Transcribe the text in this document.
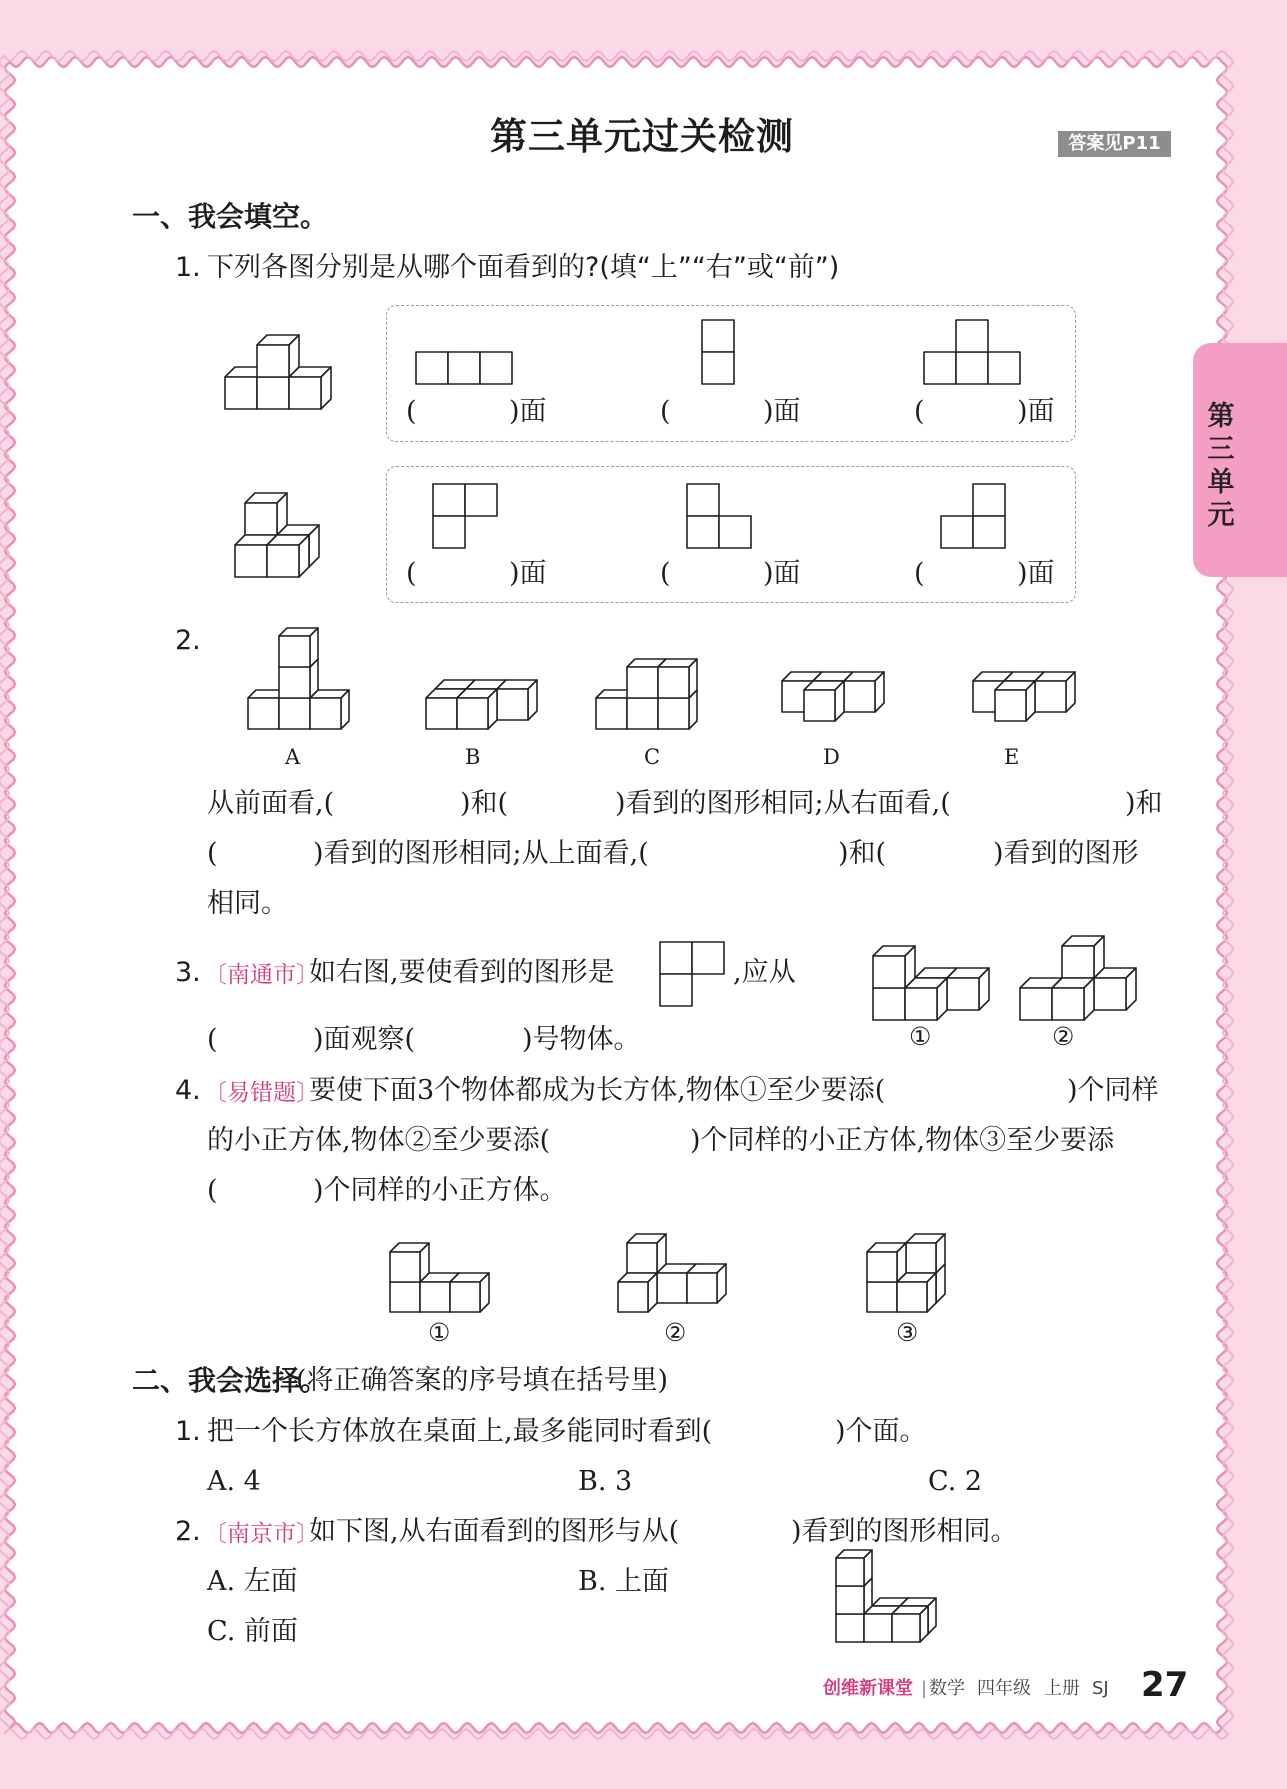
第三单元过关检测	答案见P11
第三单元
一、我会填空。
1. 下列各图分别是从哪个面看到的?(填“上”“右”或“前”)
(	)面	(	)面	(	)面
(	)面	(	)面	(	)面
2.
A	B	C	D	E
从前面看,(	)和(	)看到的图形相同;从右面看,(	)和
(	)看到的图形相同;从上面看,(	)和(	)看到的图形
相同。
3. 〔南通市〕
如右图,要使看到的图形是	,应从
(	)面观察(	)号物体。	①	②
4. 〔易错题〕
要使下面3个物体都成为长方体,物体①至少要添(	)个同样
的小正方体,物体②至少要添(	)个同样的小正方体,物体③至少要添
(	)个同样的小正方体。
①	②	③
二、我会选择。
(将正确答案的序号填在括号里)
1. 把一个长方体放在桌面上,最多能同时看到(	)个面。
A. 4	B. 3	C. 2
2. 〔南京市〕
如下图,从右面看到的图形与从(	)看到的图形相同。
A. 左面	B. 上面
C. 前面
创维新课堂 | 数学 四年级 上册 SJ 27
